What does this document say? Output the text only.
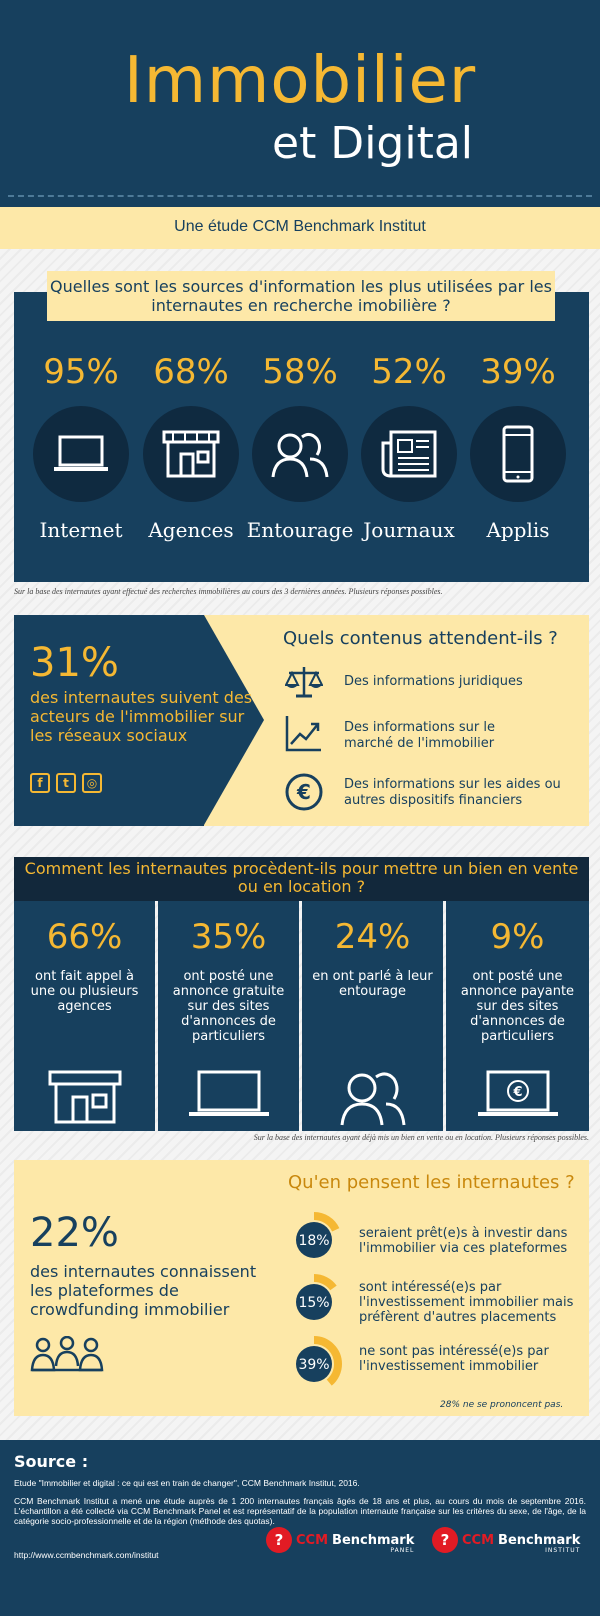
Immobilier
et Digital
Une étude CCM Benchmark Institut
Quelles sont les sources d'information les plus utilisées par les internautes en recherche imobilière ?
95%
Internet
68%
Agences
58%
Entourage
52%
Journaux
39%
Applis
Sur la base des internautes ayant effectué des recherches immobilières au cours des 3 dernières années. Plusieurs réponses possibles.
31%
des internautes suivent des acteurs de l'immobilier sur les réseaux sociaux
f	t	◎
Quels contenus attendent-ils ?
Des informations juridiques
Des informations sur le marché de l'immobilier
€	Des informations sur les aides ou autres dispositifs financiers
Comment les internautes procèdent-ils pour mettre un bien en vente ou en location ?
66%
ont fait appel à une ou plusieurs agences
35%
ont posté une annonce gratuite sur des sites d'annonces de particuliers
24%
en ont parlé à leur entourage
9%
ont posté une annonce payante sur des sites d'annonces de particuliers
€
Sur la base des internautes ayant déjà mis un bien en vente ou en location. Plusieurs réponses possibles.
22%
des internautes connaissent les plateformes de crowdfunding immobilier
Qu'en pensent les internautes ?
18% seraient prêt(e)s à investir dans l'immobilier via ces plateformes
15%
sont intéressé(e)s par l'investissement immobilier mais préfèrent d'autres placements
39%
ne sont pas intéressé(e)s par l'investissement immobilier
28% ne se prononcent pas.
Source :
Etude "Immobilier et digital : ce qui est en train de changer", CCM Benchmark Institut, 2016.
CCM Benchmark Institut a mené une étude auprès de 1 200 internautes français âgés de 18 ans et plus, au cours du mois de septembre 2016. L'échantillon a été collecté via CCM Benchmark Panel et est représentatif de la population internaute française sur les critères du sexe, de l'âge, de la catégorie socio-professionnelle et de la région (méthode des quotas).
http://www.ccmbenchmark.com/institut
? CCM Benchmark
PANEL
? CCM Benchmark
INSTITUT
